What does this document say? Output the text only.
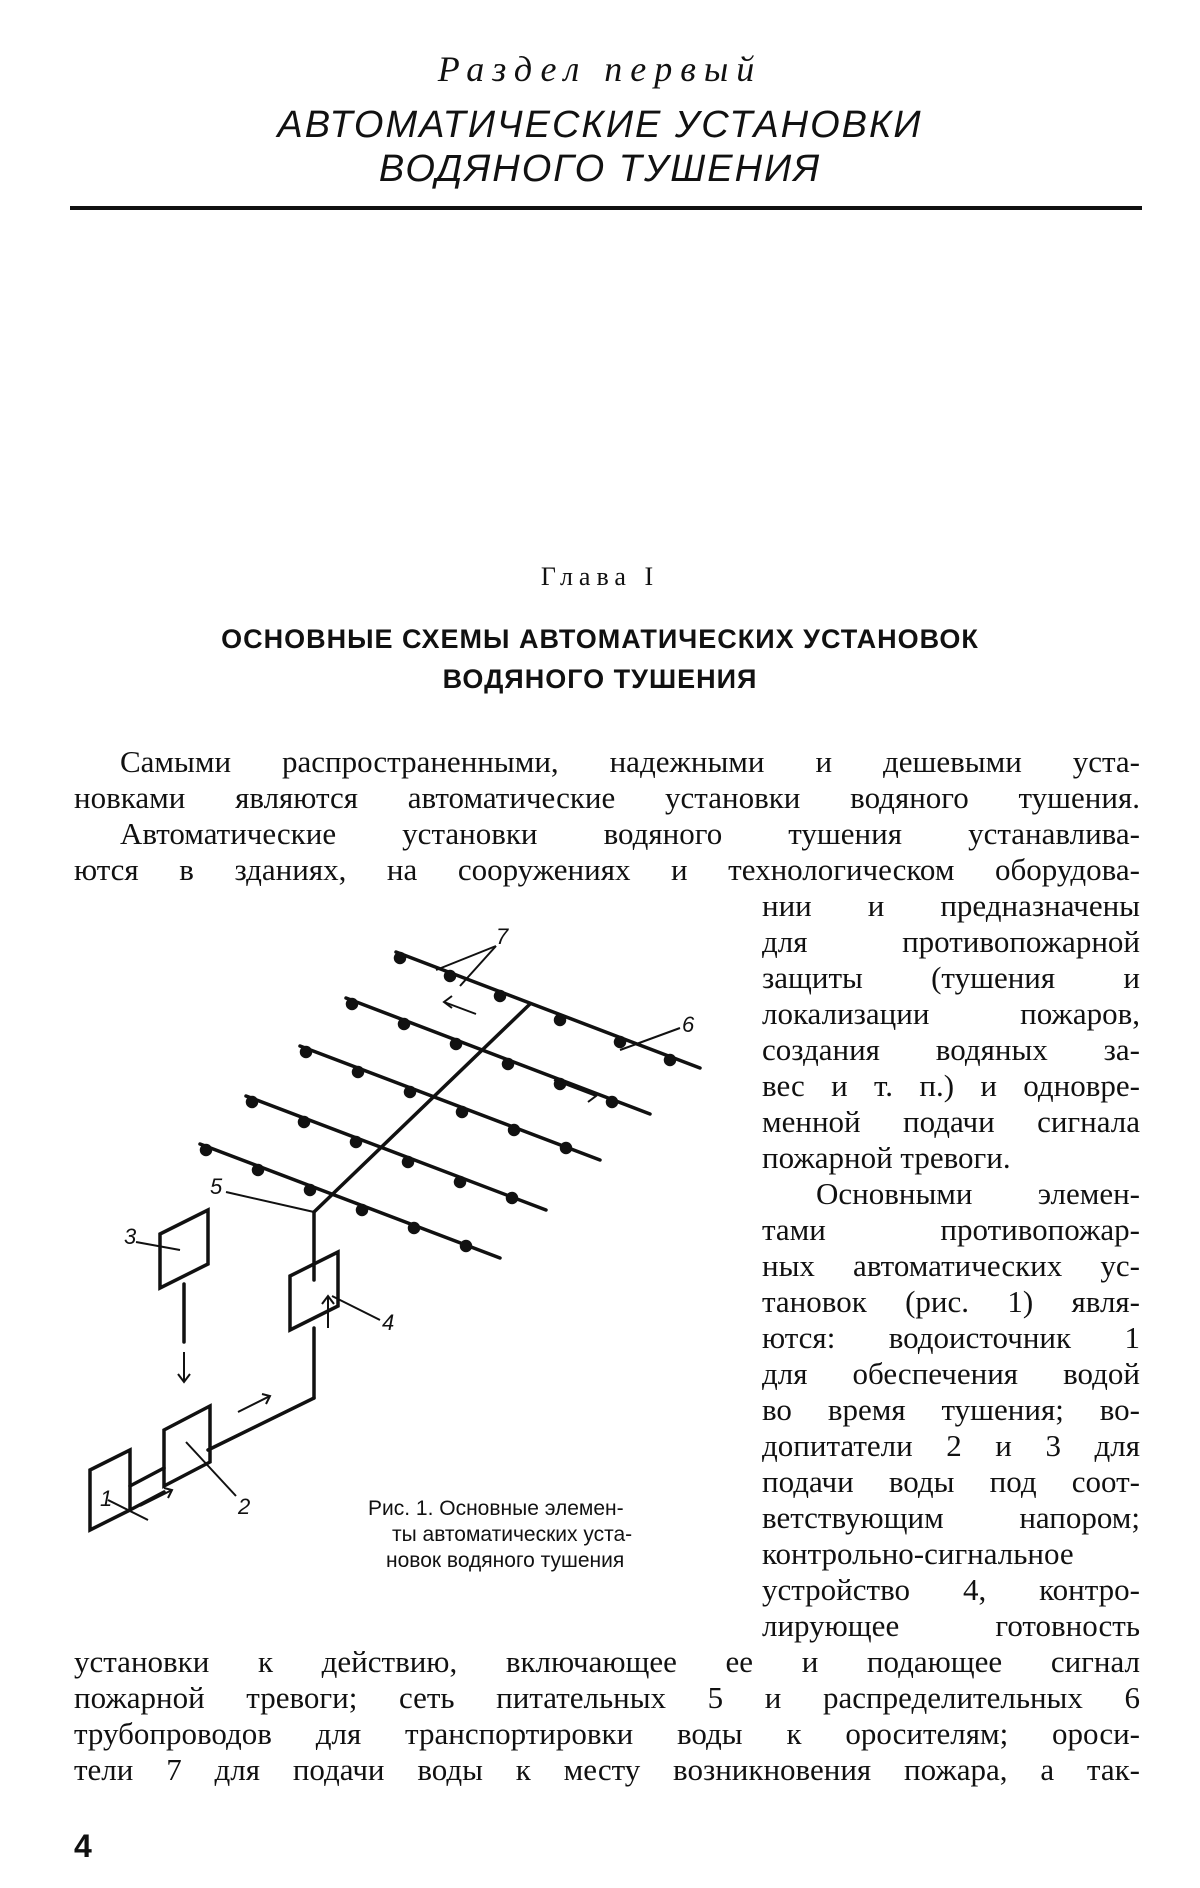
Раздел первый
АВТОМАТИЧЕСКИЕ УСТАНОВКИ
ВОДЯНОГО ТУШЕНИЯ
Глава I
ОСНОВНЫЕ СХЕМЫ АВТОМАТИЧЕСКИХ УСТАНОВОК
ВОДЯНОГО ТУШЕНИЯ
Самыми распространенными, надежными и дешевыми уста-
новками являются автоматические установки водяного тушения.
Автоматические установки водяного тушения устанавлива-
ются в зданиях, на сооружениях и технологическом оборудова-
нии и предназначены
для противопожарной
защиты (тушения и
локализации пожаров,
создания водяных за-
вес и т. п.) и одновре-
менной подачи сигнала
пожарной тревоги.
Основными элемен-
тами противопожар-
ных автоматических ус-
тановок (рис. 1) явля-
ются: водоисточник 1
для обеспечения водой
во время тушения; во-
допитатели 2 и 3 для
подачи воды под соот-
ветствующим напором;
контрольно-сигнальное
устройство 4, контро-
лирующее готовность
установки к действию, включающее ее и подающее сигнал
пожарной тревоги; сеть питательных 5 и распределительных 6
трубопроводов для транспортировки воды к оросителям; ороси-
тели 7 для подачи воды к месту возникновения пожара, а так-
Рис. 1. Основные элемен-
ты автоматических уста-
новок водяного тушения
1	2
3
4
5
6
7
4
